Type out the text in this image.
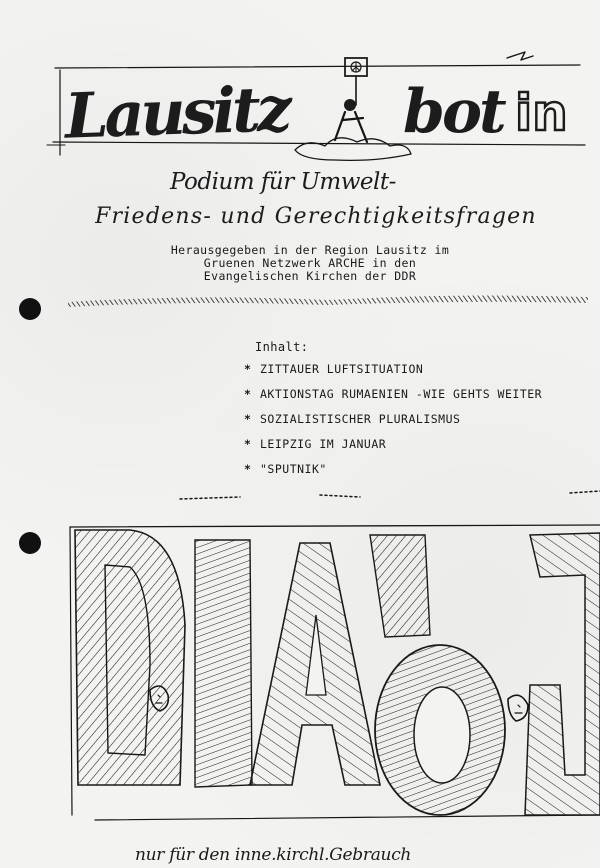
Lausitz bot in
Podium für Umwelt-
Friedens- und Gerechtigkeitsfragen
Herausgegeben in der Region Lausitz im
Gruenen Netzwerk ARCHE in den
Evangelischen Kirchen der DDR
Inhalt:
* ZITTAUER LUFTSITUATION
* AKTIONSTAG RUMAENIEN -WIE GEHTS WEITER
* SOZIALISTISCHER PLURALISMUS
* LEIPZIG IM JANUAR
* "SPUTNIK"
nur für den inne.kirchl.Gebrauch
